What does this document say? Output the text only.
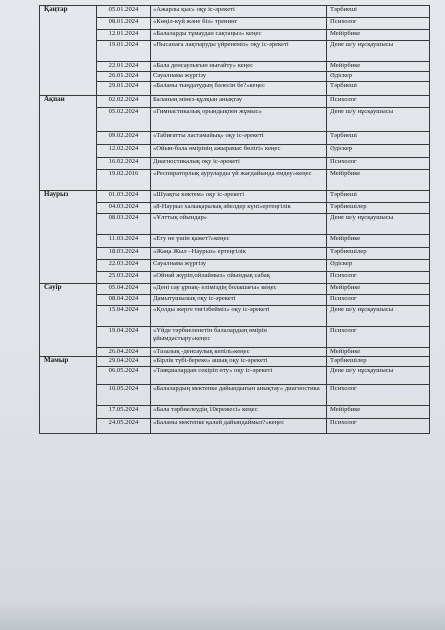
Қаңтар	05.01.2024	«Ажарлы қыс» оқу іс-әрекеті	Тәрбиеші
	08.01.2024	«Көңіл-күй және біз» тренинг	Психолог
	12.01.2024	«Балаларды тұмаудан сақтаңыз» кеңес	Мейірбике
	19.01.2024	«Нысанаға лақтыруды үйренеміз» оқу іс-әрекеті	Дене ш/у нұсқаушысы
	22.01.2024	«Бала денсаулығын нығайту» кеңес	Мейірбике
	26.01.2024	Сауалнама жүргізу	Әдіскер
	29.01.2024	«Баланы тыңдатудың бәлесін бе?»кеңес	Тәрбиеші
Ақпан	02.02.2024	Баланың мінез-құлқын анықтау	Психолог
	05.02.2024	«Гимнастикалық орындықпен жұмыс»	Дене ш/у нұсқаушысы
	09.02.2024	«Табиғатты ластамайық» оқу іс-әрекеті	Тәрбиеші
	12.02.2024	«Ойын-бала өмірінің ажырамас бөлігі» кеңес	Әдіскер
	16.02.2024	Диагностикалық оқу іс-әрекеті	Психолог
	19.02.2016	«Респираторлық ауруларды үй жағдайында емдеу»кеңес	Мейірбике
Наурыз	01.03.2024	«Шуақты көктем» оқу іс-әрекеті	Тәрбиеші
	04.03.2024	«8-Наурыз халықаралық әйелдер күні»ертеңгілік	Тәрбиешілер
	08.03.2024	«Ұлттық ойындар»	Дене ш/у нұсқаушысы
	11.03.2024	«Егу не үшін қажет?»кеңес	Мейірбике
	18.03.2024	«Жаңа Жыл –Наурыз» ертеңгілік	Тәрбиешілер
	22.03.2024	Сауалнама жүргізу	Әдіскер
	25.03.2024	«Ойнай жүріп,ойлаймыз» ойындық сабақ	Психолог
Сәуір	05.04.2024	«Дені сау ұрпақ- еліміздің болашағы» кеңес	Мейірбике
	08.04.2024	Дамытушылық оқу іс-әрекеті	Психолог
	15.04.2024	«Қолды жерге тигізбейміз» оқу іс-әрекеті	Дене ш/у нұсқаушысы
	19.04.2024	«Үйде тәрбиеленетін балалардың өмірін ұйымдастыру»кеңес	Психолог
	26.04.2024	«Тазалық -денсаулық кепілі»кеңес	Мейірбике
Мамыр	29.04.2024	«Бірлік түбі-береке» ашық оқу іс-әрекеті	Тәрбиешілер
	06.05.2024	«Таяқшалардан секіріп өту» оқу іс-әрекеті	Дене ш/у нұсқаушысы
	10.05.2024	«Балалардың мектепке дайындығын анықтау» диагностика	Психолог
	17.05.2024	«Бала тәрбиелеудің 10ережесі» кеңес	Мейірбике
	24.05.2024	«Баланы мектепке қалай дайындаймыз?»кеңес	Психолог
